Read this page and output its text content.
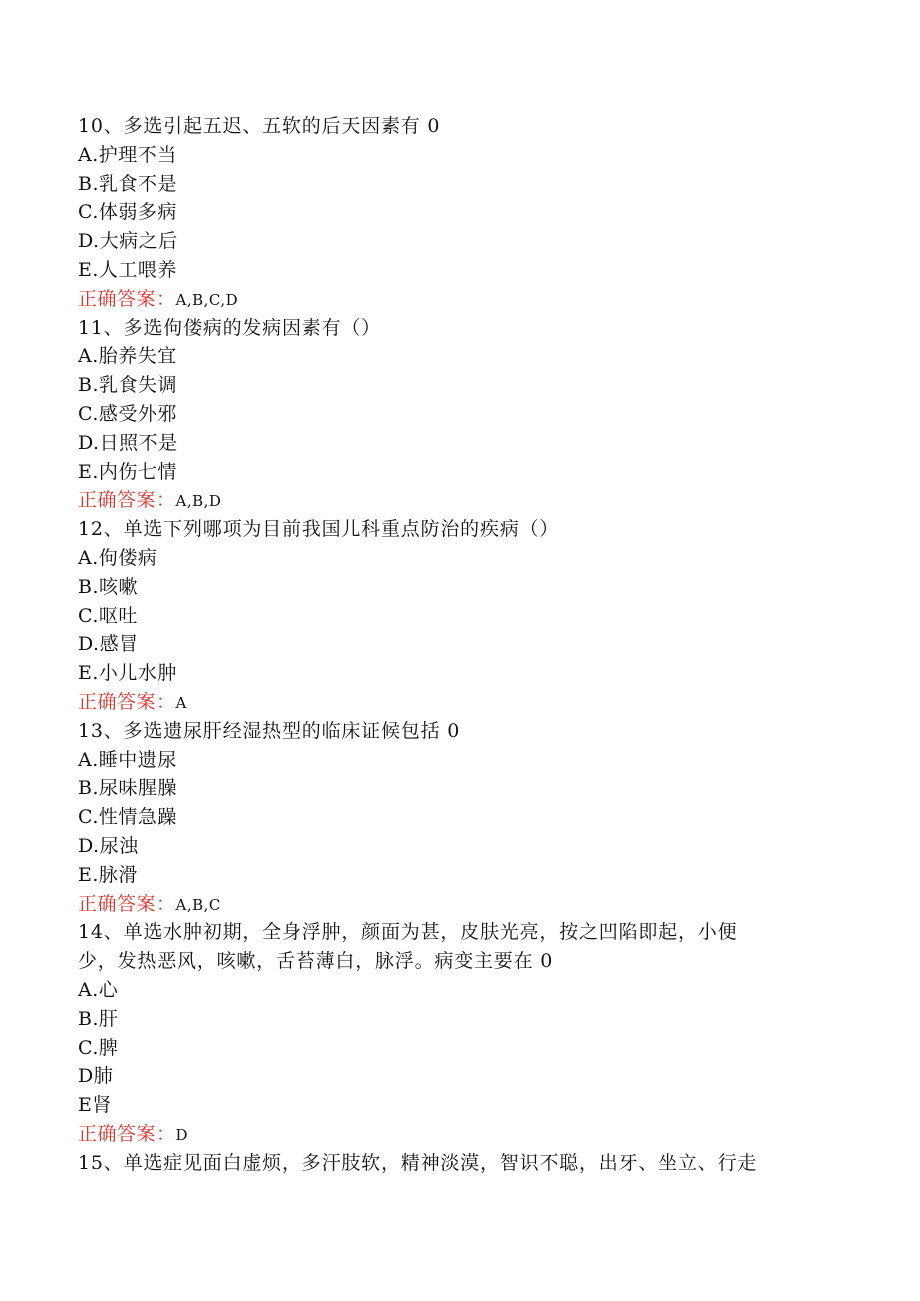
10、多选引起五迟、五软的后天因素有 0
A.护理不当
B.乳食不是
C.体弱多病
D.大病之后
E.人工喂养
正确答案：A,B,C,D
11、多选佝偻病的发病因素有（）
A.胎养失宜
B.乳食失调
C.感受外邪
D.日照不是
E.内伤七情
正确答案：A,B,D
12、单选下列哪项为目前我国儿科重点防治的疾病（）
A.佝偻病
B.咳嗽
C.呕吐
D.感冒
E.小儿水肿
正确答案：A
13、多选遗尿肝经湿热型的临床证候包括 0
A.睡中遗尿
B.尿味腥臊
C.性情急躁
D.尿浊
E.脉滑
正确答案：A,B,C
14、单选水肿初期，全身浮肿，颜面为甚，皮肤光亮，按之凹陷即起，小便
少，发热恶风，咳嗽，舌苔薄白，脉浮。病变主要在 0
A.心
B.肝
C.脾
D肺
E肾
正确答案：D
15、单选症见面白虚烦，多汗肢软，精神淡漠，智识不聪，出牙、坐立、行走
